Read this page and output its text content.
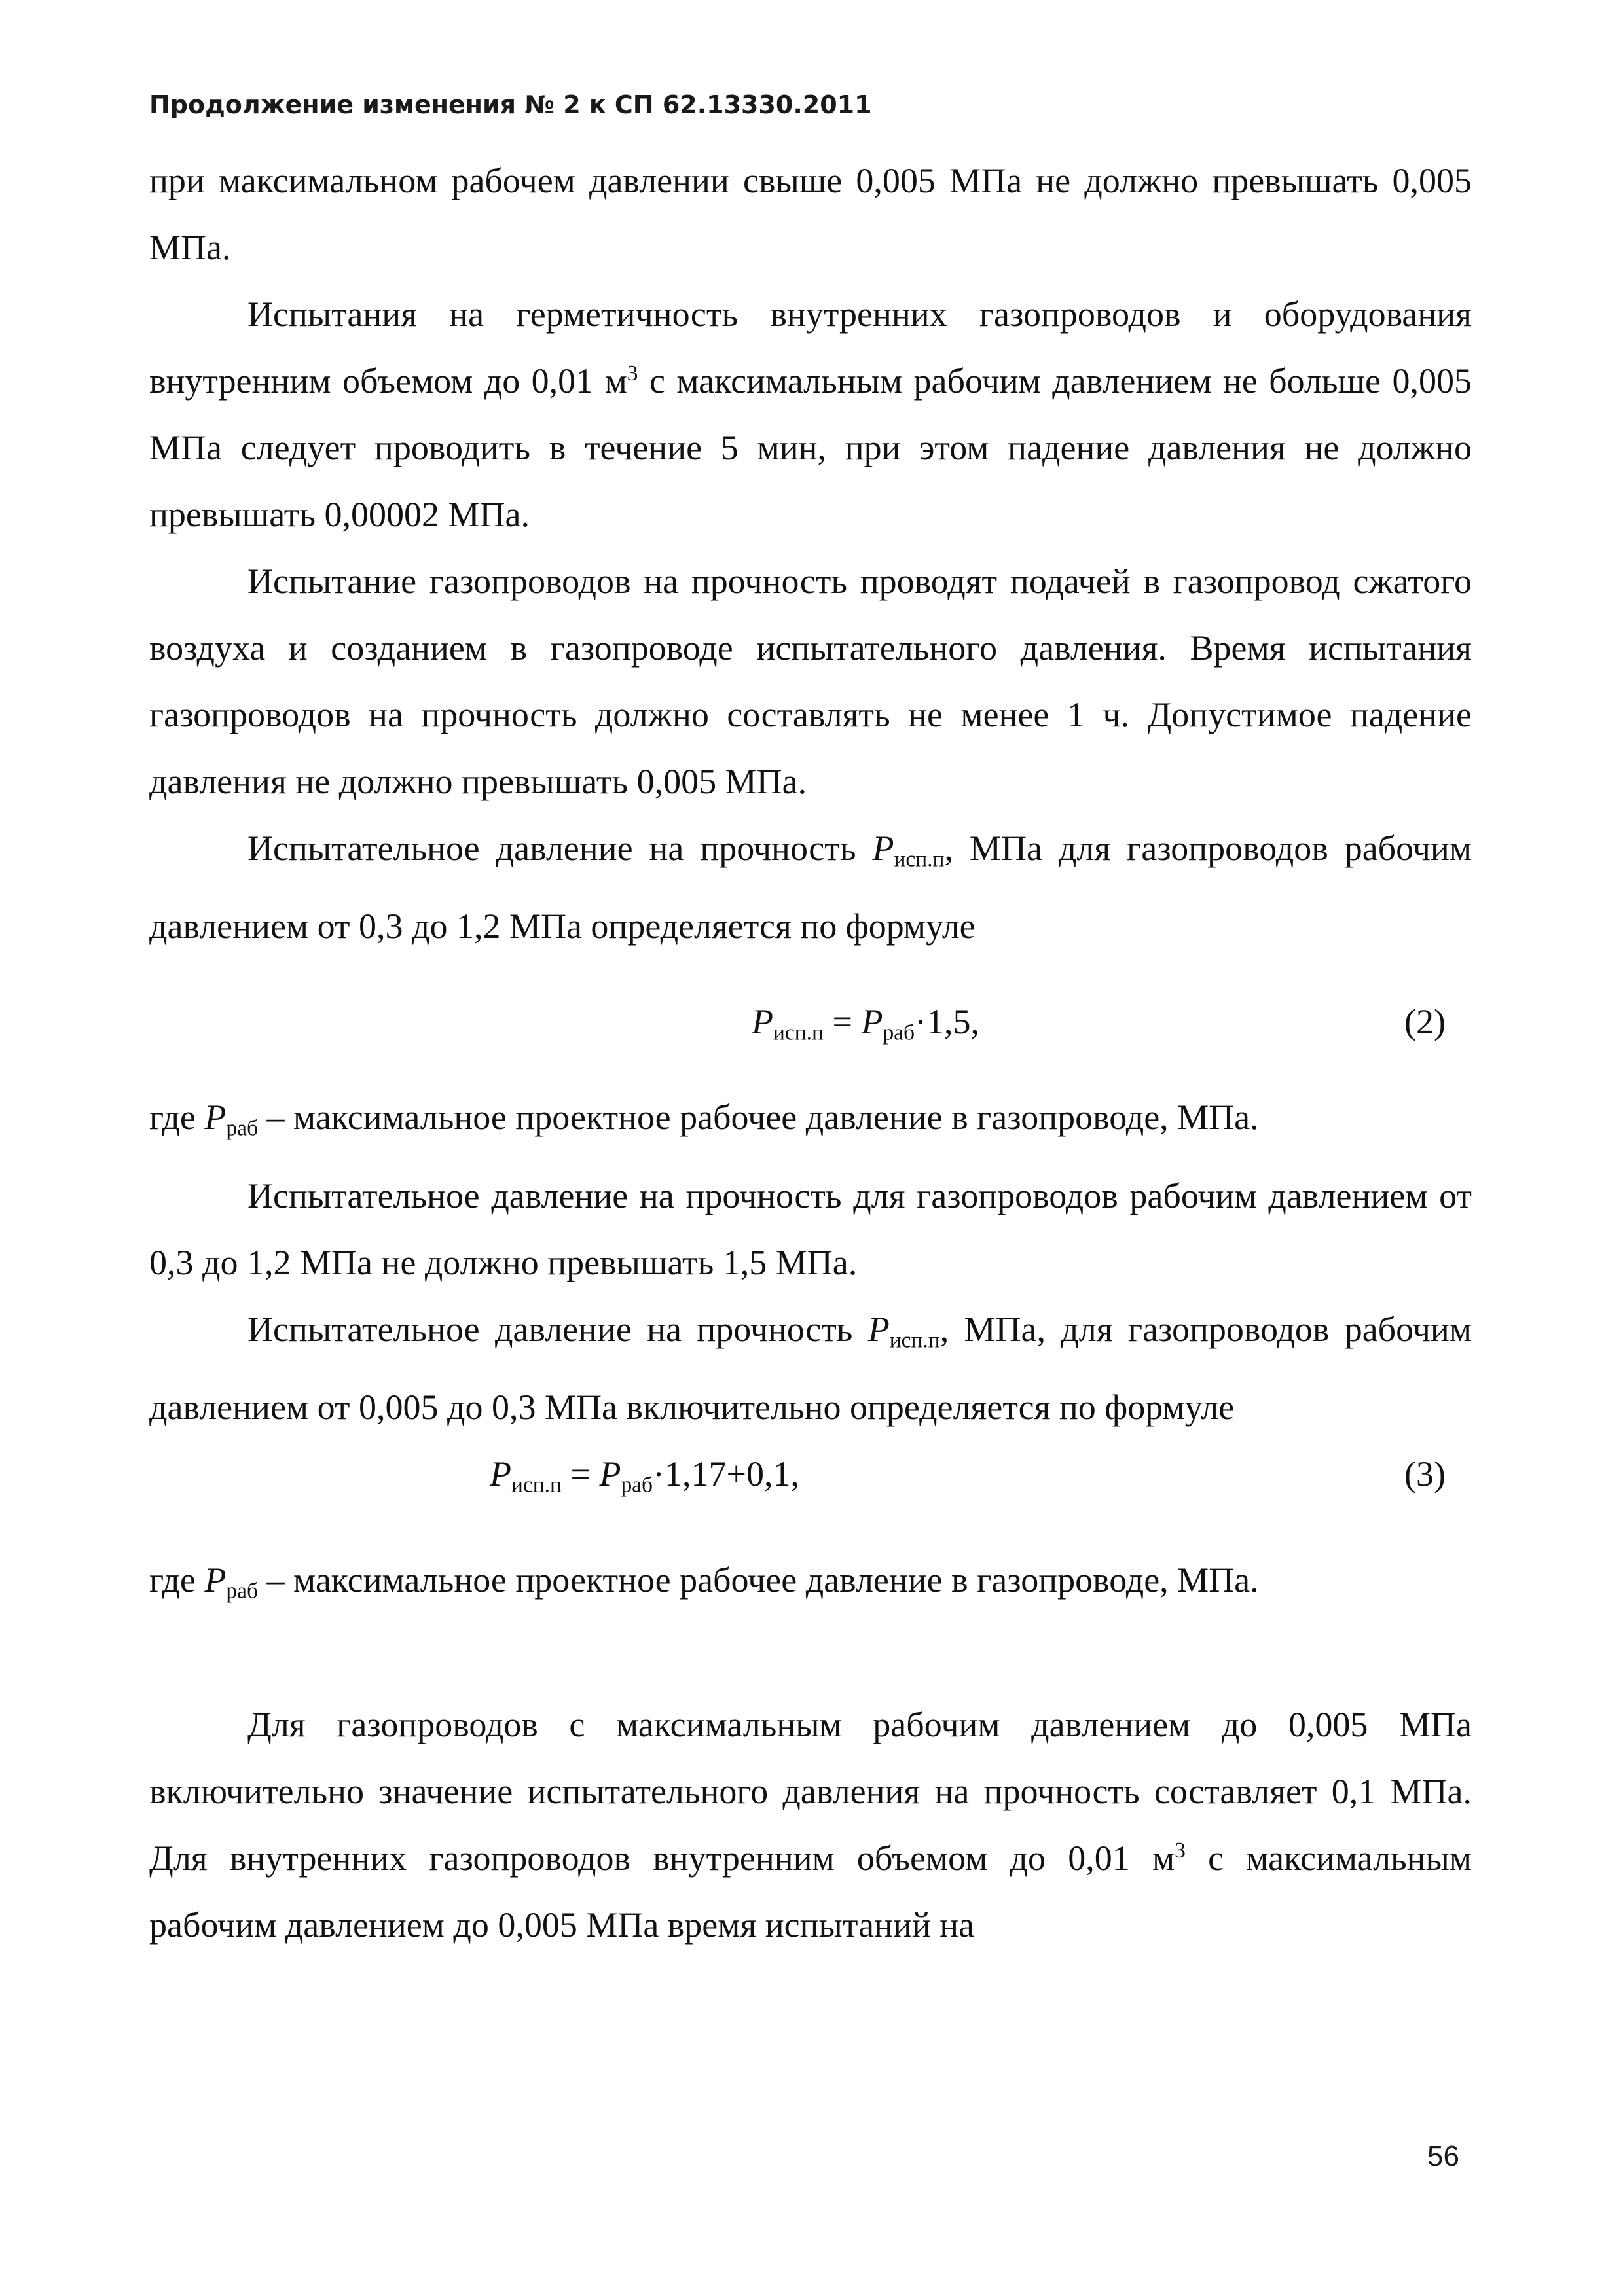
Продолжение изменения № 2 к СП 62.13330.2011

при максимальном рабочем давлении свыше 0,005 МПа не должно превышать 0,005 МПа.

Испытания на герметичность внутренних газопроводов и оборудования внутренним объемом до 0,01 $м^3$ с максимальным рабочим давлением не больше 0,005 МПа следует проводить в течение 5 мин, при этом падение давления не должно превышать 0,00002 МПа.

Испытание газопроводов на прочность проводят подачей в газопровод сжатого воздуха и созданием в газопроводе испытательного давления. Время испытания газопроводов на прочность должно составлять не менее 1 ч. Допустимое падение давления не должно превышать 0,005 МПа.

Испытательное давление на прочность $P_{исп.п}$, МПа для газопроводов рабочим давлением от 0,3 до 1,2 МПа определяется по формуле

$P_{исп.п} = P_{раб}\cdot 1,5$,	(2)

где $P_{раб}$ – максимальное проектное рабочее давление в газопроводе, МПа.

Испытательное давление на прочность для газопроводов рабочим давлением от 0,3 до 1,2 МПа не должно превышать 1,5 МПа.

Испытательное давление на прочность $P_{исп.п}$, МПа, для газопроводов рабочим давлением от 0,005 до 0,3 МПа включительно определяется по формуле

$P_{исп.п} = P_{раб}\cdot 1,17+0,1$,	(3)

где $P_{раб}$ – максимальное проектное рабочее давление в газопроводе, МПа.

Для газопроводов с максимальным рабочим давлением до 0,005 МПа включительно значение испытательного давления на прочность составляет 0,1 МПа. Для внутренних газопроводов внутренним объемом до 0,01 $м^3$ с максимальным рабочим давлением до 0,005 МПа время испытаний на

56
